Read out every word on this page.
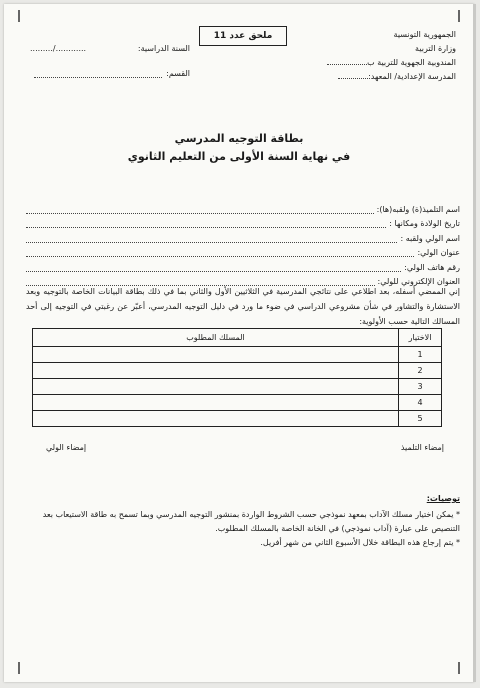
الجمهورية التونسية
وزارة التربية
المندوبية الجهوية للتربية ب
المدرسة الإعدادية/ المعهد:
ملحق عدد 11
السنة الدراسية:
........./............
القسم:
بطاقة التوجيه المدرسي
في نهاية السنة الأولى من التعليم الثانوي
اسم التلميذ(ة) ولقبه(ها):
تاريخ الولادة ومكانها :
اسم الولي ولقبه :
عنوان الولي:
رقم هاتف الولي:
العنوان الإلكتروني للولي:
إني الممضي أسفله، بعد اطلاعي على نتائجي المدرسية في الثلاثيين الأول والثاني بما في ذلك بطاقة البيانات الخاصة بالتوجيه وبعد الاستشارة والتشاور في شأن مشروعي الدراسي في ضوء ما ورد في دليل التوجيه المدرسي، أعبّر عن رغبتي في التوجيه إلى أحد المسالك التالية حسب الأولوية:
الاختيار	المسلك المطلوب
1	
2	
3	
4	
5	
إمضاء التلميذ
إمضاء الولي
توصيات:
* يمكن اختيار مسلك الآداب بمعهد نموذجي حسب الشروط الواردة بمنشور التوجيه المدرسي وبما تسمح به طاقة الاستيعاب بعد التنصيص على عبارة (آداب نموذجي) في الخانة الخاصة بالمسلك المطلوب.
* يتم إرجاع هذه البطاقة خلال الأسبوع الثاني من شهر أفريل.
